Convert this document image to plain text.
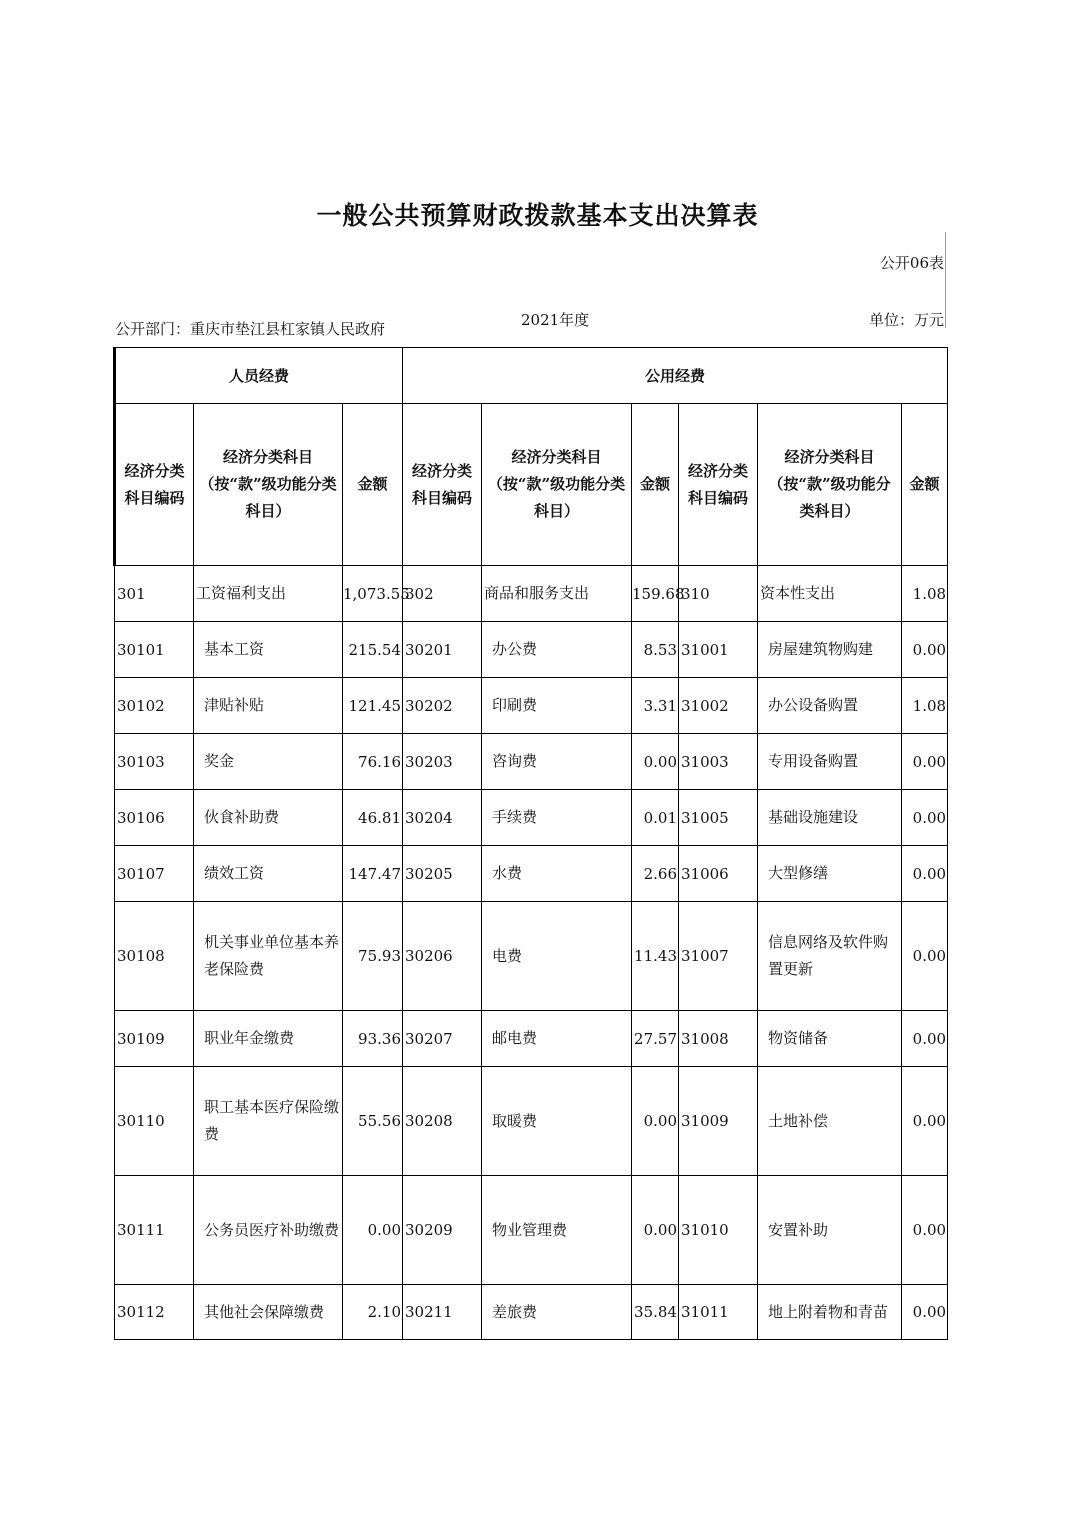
一般公共预算财政拨款基本支出决算表
公开06表
公开部门：重庆市垫江县杠家镇人民政府	2021年度	单位：万元
人员经费			公用经费					
经济分类科目编码	经济分类科目（按“款”级功能分类科目）	金额	经济分类科目编码	经济分类科目（按“款”级功能分类科目）	金额	经济分类科目编码	经济分类科目（按“款”级功能分类科目）	金额
301	工资福利支出	1,073.55	302	商品和服务支出	159.68	310	资本性支出	1.08
30101	基本工资	215.54	30201	办公费	8.53	31001	房屋建筑物购建	0.00
30102	津贴补贴	121.45	30202	印刷费	3.31	31002	办公设备购置	1.08
30103	奖金	76.16	30203	咨询费	0.00	31003	专用设备购置	0.00
30106	伙食补助费	46.81	30204	手续费	0.01	31005	基础设施建设	0.00
30107	绩效工资	147.47	30205	水费	2.66	31006	大型修缮	0.00
30108	机关事业单位基本养老保险费	75.93	30206	电费	11.43	31007	信息网络及软件购置更新	0.00
30109	职业年金缴费	93.36	30207	邮电费	27.57	31008	物资储备	0.00
30110	职工基本医疗保险缴费	55.56	30208	取暖费	0.00	31009	土地补偿	0.00
30111	公务员医疗补助缴费	0.00	30209	物业管理费	0.00	31010	安置补助	0.00
30112	其他社会保障缴费	2.10	30211	差旅费	35.84	31011	地上附着物和青苗	0.00
